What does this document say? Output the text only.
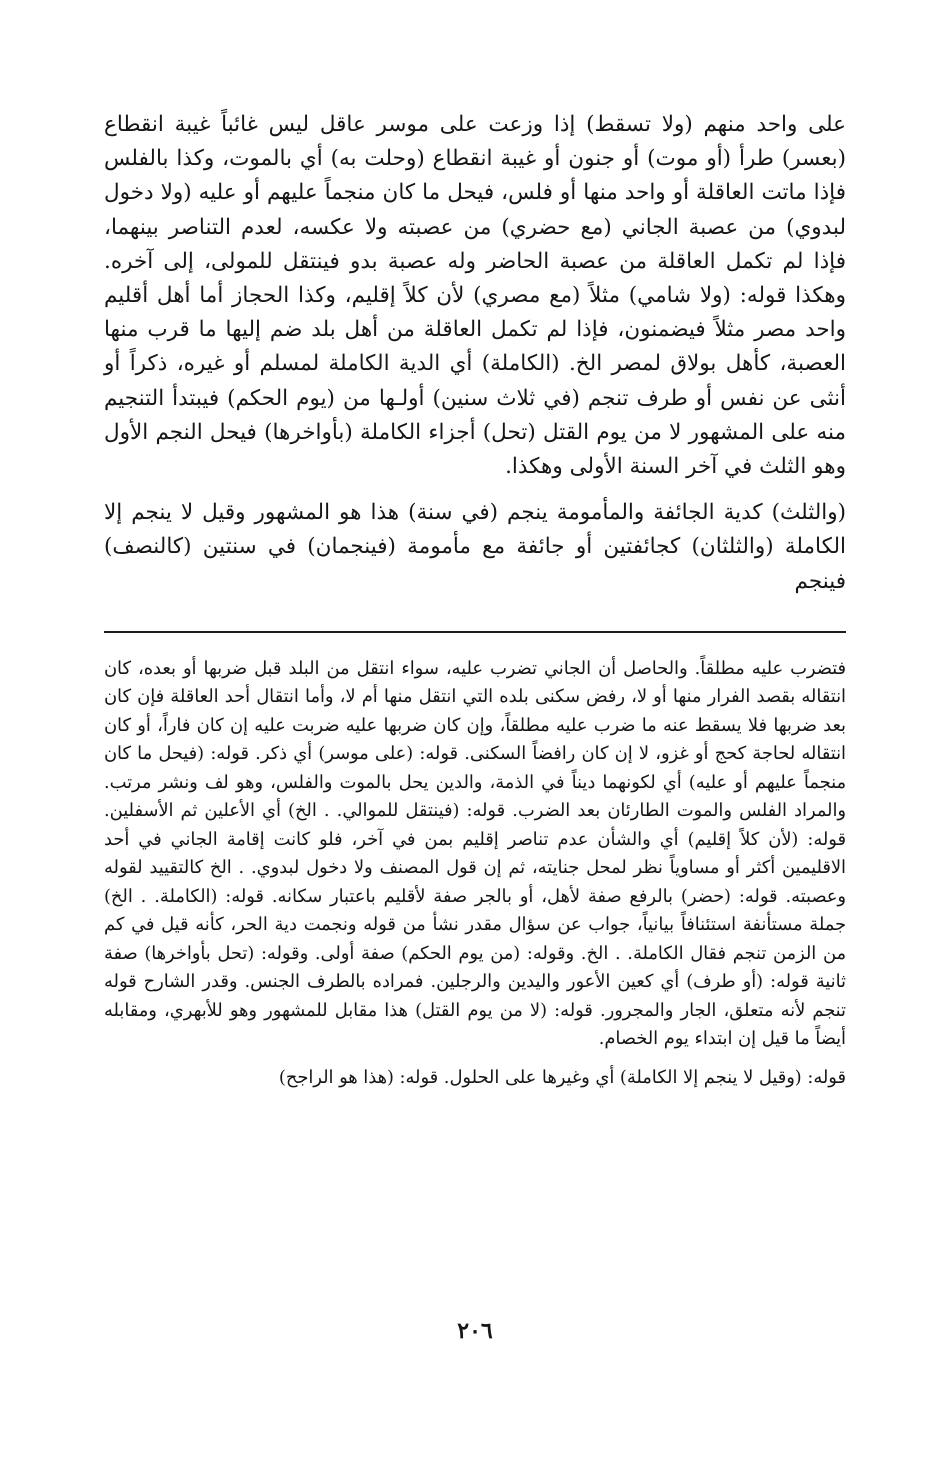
على واحد منهم (ولا تسقط) إذا وزعت على موسر عاقل ليس غائباً غيبة انقطاع (بعسر) طرأ (أو موت) أو جنون أو غيبة انقطاع (وحلت به) أي بالموت، وكذا بالفلس فإذا ماتت العاقلة أو واحد منها أو فلس، فيحل ما كان منجماً عليهم أو عليه (ولا دخول لبدوي) من عصبة الجاني (مع حضري) من عصبته ولا عكسه، لعدم التناصر بينهما، فإذا لم تكمل العاقلة من عصبة الحاضر وله عصبة بدو فينتقل للمولى، إلى آخره. وهكذا قوله: (ولا شامي) مثلاً (مع مصري) لأن كلاً إقليم، وكذا الحجاز أما أهل أقليم واحد مصر مثلاً فيضمنون، فإذا لم تكمل العاقلة من أهل بلد ضم إليها ما قرب منها العصبة، كأهل بولاق لمصر الخ. (الكاملة) أي الدية الكاملة لمسلم أو غيره، ذكراً أو أنثى عن نفس أو طرف تنجم (في ثلاث سنين) أولـها من (يوم الحكم) فيبتدأ التنجيم منه على المشهور لا من يوم القتل (تحل) أجزاء الكاملة (بأواخرها) فيحل النجم الأول وهو الثلث في آخر السنة الأولى وهكذا.

(والثلث) كدية الجائفة والمأمومة ينجم (في سنة) هذا هو المشهور وقيل لا ينجم إلا الكاملة (والثلثان) كجائفتين أو جائفة مع مأمومة (فينجمان) في سنتين (كالنصف) فينجم

فتضرب عليه مطلقاً. والحاصل أن الجاني تضرب عليه، سواء انتقل من البلد قبل ضربها أو بعده، كان انتقاله بقصد الفرار منها أو لا، رفض سكنى بلده التي انتقل منها أم لا، وأما انتقال أحد العاقلة فإن كان بعد ضربها فلا يسقط عنه ما ضرب عليه مطلقاً، وإن كان ضربها عليه ضربت عليه إن كان فاراً، أو كان انتقاله لحاجة كحج أو غزو، لا إن كان رافضاً السكنى. قوله: (على موسر) أي ذكر. قوله: (فيحل ما كان منجماً عليهم أو عليه) أي لكونهما ديناً في الذمة، والدين يحل بالموت والفلس، وهو لف ونشر مرتب. والمراد الفلس والموت الطارئان بعد الضرب. قوله: (فينتقل للموالي. . الخ) أي الأعلين ثم الأسفلين. قوله: (لأن كلاً إقليم) أي والشأن عدم تناصر إقليم بمن في آخر، فلو كانت إقامة الجاني في أحد الاقليمين أكثر أو مساوياً نظر لمحل جنايته، ثم إن قول المصنف ولا دخول لبدوي. . الخ كالتقييد لقوله وعصبته. قوله: (حضر) بالرفع صفة لأهل، أو بالجر صفة لأقليم باعتبار سكانه. قوله: (الكاملة. . الخ) جملة مستأنفة استئنافاً بيانياً، جواب عن سؤال مقدر نشأ من قوله ونجمت دية الحر، كأنه قيل في كم من الزمن تنجم فقال الكاملة. . الخ. وقوله: (من يوم الحكم) صفة أولى. وقوله: (تحل بأواخرها) صفة ثانية قوله: (أو طرف) أي كعين الأعور واليدين والرجلين. فمراده بالطرف الجنس. وقدر الشارح قوله تنجم لأنه متعلق، الجار والمجرور. قوله: (لا من يوم القتل) هذا مقابل للمشهور وهو للأبهري، ومقابله أيضاً ما قيل إن ابتداء يوم الخصام.

قوله: (وقيل لا ينجم إلا الكاملة) أي وغيرها على الحلول. قوله: (هذا هو الراجح)

٢٠٦
